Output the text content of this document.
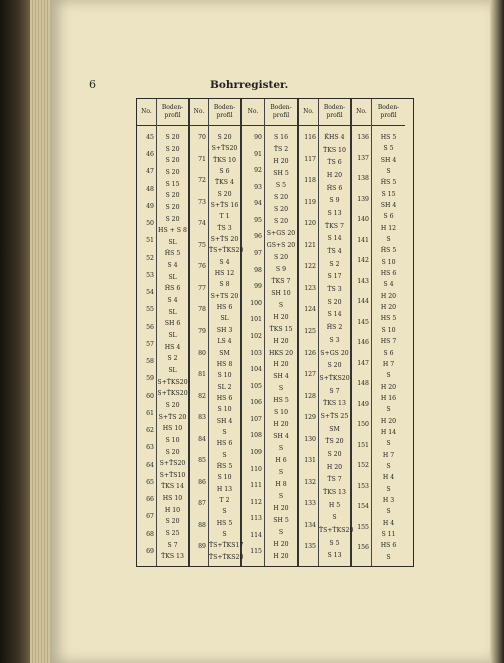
6	Bohrregister.
No.
45
46
47
48
49
50
51
52
53
54
55
56
57
58
59
60
61
62
63
64
65
66
67
68
69
Boden-profil
S 20
S 20
S 20
S 20
S 15
S 20
S 20
S 20
HS + S 8
SL
ĤS 5
S 4
SL
ĤS 6
S 4
SL
SH 6
SL
HS 4
S 2
SL
S+T̂KS20
S+T̂KS20
S 20
S+T̂S 20
HS 10
S 10
S 20
S+T̂S20
S+T̂S10
T̂KS 14
HS 10
H 10
S 20
S 25
S 7
T̂KS 13
No.
70
71
72
73
74
75
76
77
78
79
80
81
82
83
84
85
86
87
88
89
Boden-profil
S 20
S+T̂S20
T̂KS 10
S 6
T̂KS 4
S 20
S+T̂S 16
T 1
T̂S 3
S+T̂S 20
T̂S+T̂KS20
S 4
HS 12
S 8
S+TS 20
HS 6
SL
SH 3
LS 4
SM
HS 8
S 10
SL 2
HS 6
S 10
SH 4
S
HS 6
S
ĤS 5
S 10
H 13
T 2
S
HS 5
S
T̂S+T̂KS17
T̂S+T̂KS20
No.
90
91
92
93
94
95
96
97
98
99
100
101
102
103
104
105
106
107
108
109
110
111
112
113
114
115
Boden-profil
S 16
T̂S 2
H 20
SH 5
S 5
S 20
S 20
S 20
S+GS 20
GS+S 20
S 20
S 9
T̂KS 7
SH 10
S
H 20
T̂KS 15
H 20
HKS 20
H 20
SH 4
S
HS 5
S 10
H 20
SH 4
S
H 6
S
H 8
S
H 20
SH 5
S
H 20
H 20
No.
116
117
118
119
120
121
122
123
124
125
126
127
128
129
130
131
132
133
134
135
Boden-profil
K̂HS 4
T̂KS 10
T̂S 6
H 20
ĤS 6
S 9
S 13
T̂KS 7
S 14
T̂S 4
S 2
S 17
T̂S 3
S 20
S 14
ĤS 2
S 3
S+GS 20
S 20
S+T̂KS20
S 7
T̂KS 13
S+T̂S 25
SM
T̂S 20
S 20
H 20
T̂S 7
T̂KS 13
H 5
S
T̂S+T̂KS20
S 5
S 13
No.
136
137
138
139
140
141
142
143
144
145
146
147
148
149
150
151
152
153
154
155
156
Boden-profil
HS 5
S 5
SH 4
S
ĤS 5
S 15
SH 4
S 6
H 12
S
ĤS 5
S 10
HS 6
S 4
H 20
H 20
HS 5
S 10
HS 7
S 6
H 7
S
H 20
H 16
S
H 20
H 14
S
H 7
S
H 4
S
H 3
S
H 4
S 11
HS 6
S
